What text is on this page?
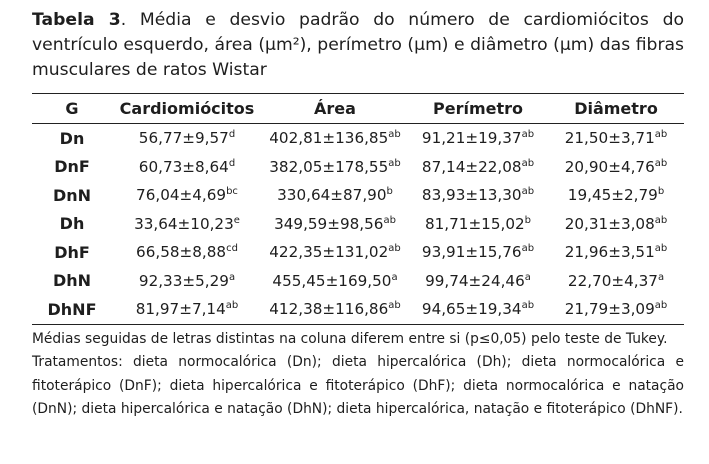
Tabela 3. Média e desvio padrão do número de cardiomiócitos do ventrículo esquerdo, área (µm²), perímetro (µm) e diâmetro (µm) das fibras musculares de ratos Wistar
G	Cardiomiócitos	Área	Perímetro	Diâmetro
Dn	56,77±9,57$^d$	402,81±136,85$^{ab}$	91,21±19,37$^{ab}$	21,50±3,71$^{ab}$
DnF	60,73±8,64$^d$	382,05±178,55$^{ab}$	87,14±22,08$^{ab}$	20,90±4,76$^{ab}$
DnN	76,04±4,69$^{bc}$	330,64±87,90$^b$	83,93±13,30$^{ab}$	19,45±2,79$^b$
Dh	33,64±10,23$^e$	349,59±98,56$^{ab}$	81,71±15,02$^b$	20,31±3,08$^{ab}$
DhF	66,58±8,88$^{cd}$	422,35±131,02$^{ab}$	93,91±15,76$^{ab}$	21,96±3,51$^{ab}$
DhN	92,33±5,29$^a$	455,45±169,50$^a$	99,74±24,46$^a$	22,70±4,37$^a$
DhNF	81,97±7,14$^{ab}$	412,38±116,86$^{ab}$	94,65±19,34$^{ab}$	21,79±3,09$^{ab}$

Médias seguidas de letras distintas na coluna diferem entre si (p≤0,05) pelo teste de Tukey.

Tratamentos: dieta normocalórica (Dn); dieta hipercalórica (Dh); dieta normocalórica e fitoterápico (DnF); dieta hipercalórica e fitoterápico (DhF); dieta normocalórica e natação (DnN); dieta hipercalórica e natação (DhN); dieta hipercalórica, natação e fitoterápico (DhNF).
